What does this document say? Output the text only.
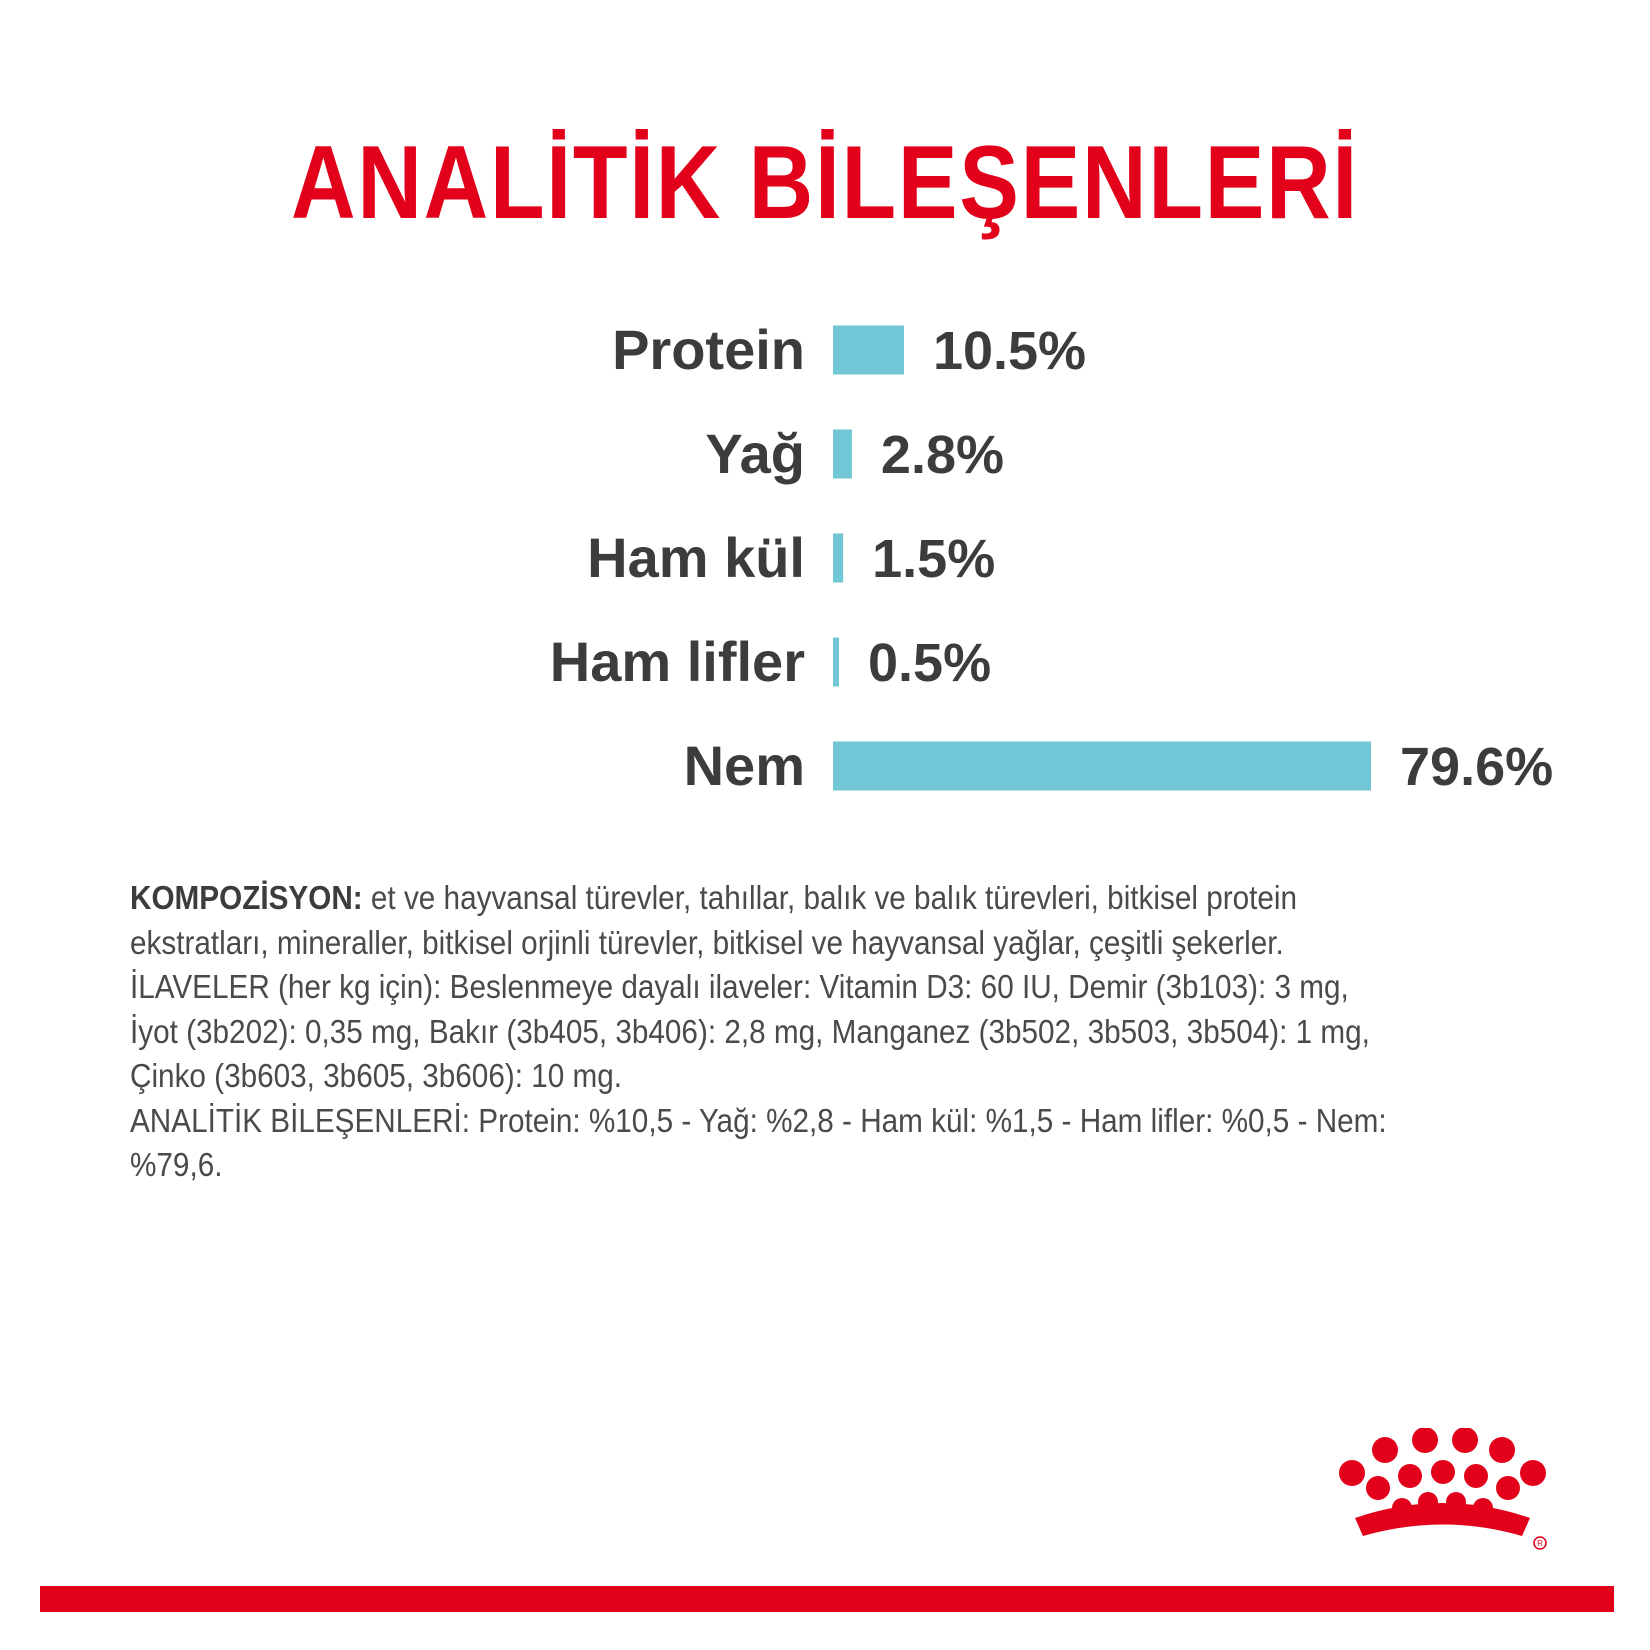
ANALİTİK BİLEŞENLERİ
Protein 10.5%
Yağ 2.8%
Ham kül 1.5%
Ham lifler 0.5%
Nem	79.6%

KOMPOZİSYON: et ve hayvansal türevler, tahıllar, balık ve balık türevleri, bitkisel protein ekstratları, mineraller, bitkisel orjinli türevler, bitkisel ve hayvansal yağlar, çeşitli şekerler.

İLAVELER (her kg için): Beslenmeye dayalı ilaveler: Vitamin D3: 60 IU, Demir (3b103): 3 mg, İyot (3b202): 0,35 mg, Bakır (3b405, 3b406): 2,8 mg, Manganez (3b502, 3b503, 3b504): 1 mg, Çinko (3b603, 3b605, 3b606): 10 mg.

ANALİTİK BİLEŞENLERİ: Protein: %10,5 - Yağ: %2,8 - Ham kül: %1,5 - Ham lifler: %0,5 - Nem: %79,6.

R
